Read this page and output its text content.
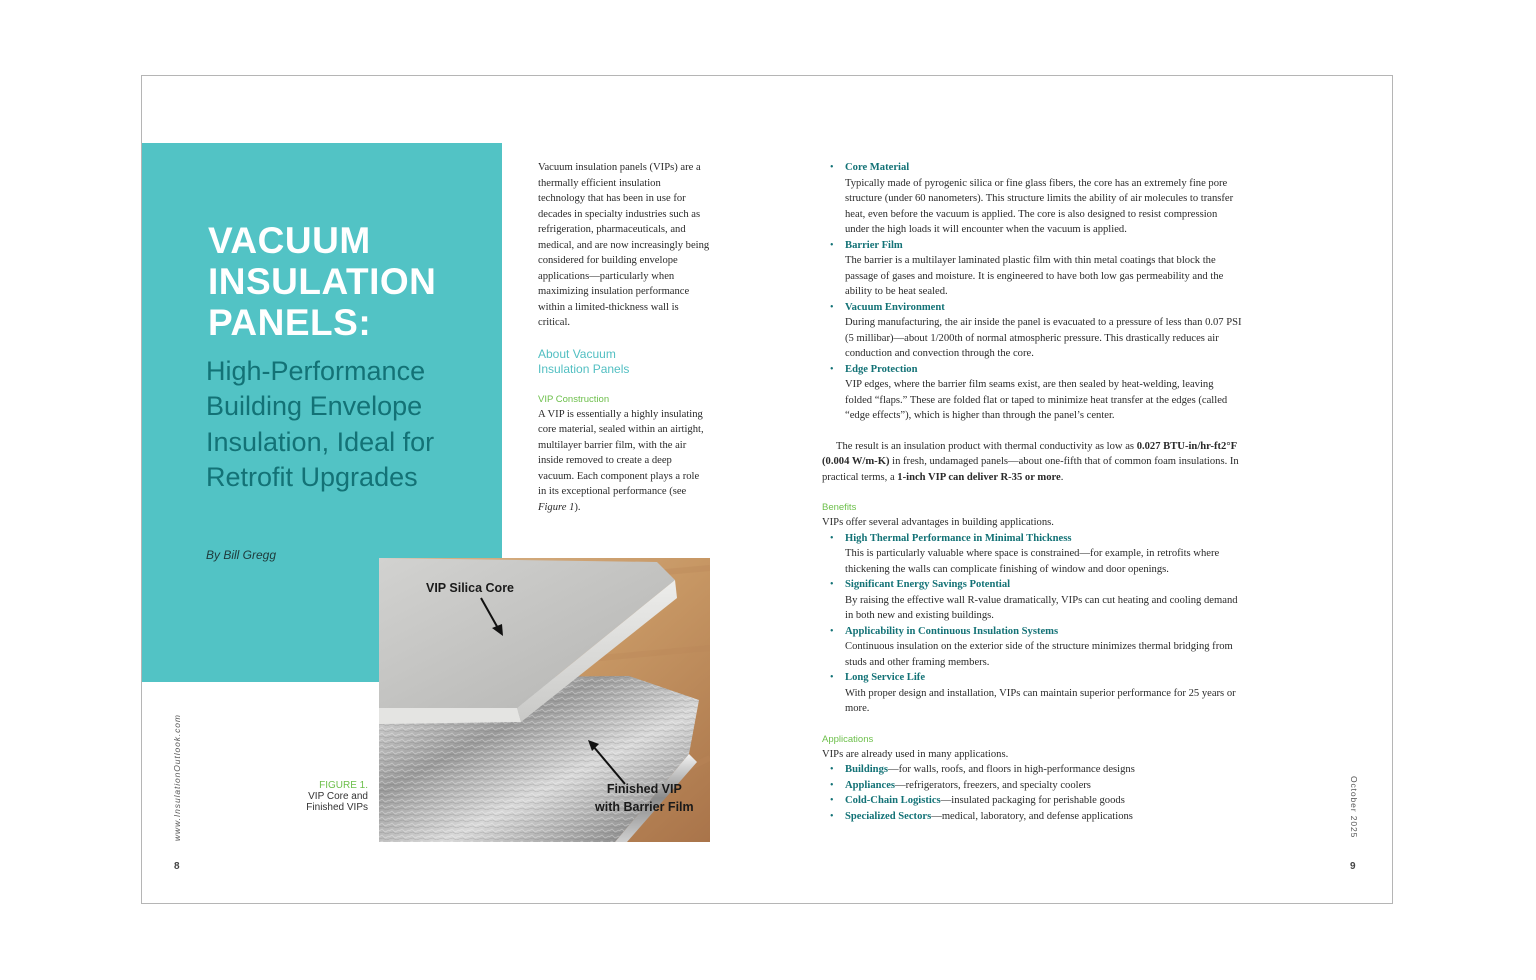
VACUUM
INSULATION
PANELS:
High-Performance Building Envelope Insulation, Ideal for Retrofit Upgrades
By Bill Gregg
VIP Silica Core
Finished VIP
with Barrier Film
FIGURE 1.
VIP Core and
Finished VIPs
www.InsulationOutlook.com	October 2025
8	9

Vacuum insulation panels (VIPs) are a thermally efficient insulation technology that has been in use for decades in specialty industries such as refrigeration, pharmaceuticals, and medical, and are now increasingly being considered for building envelope applications—particularly when maximizing insulation performance within a limited-thickness wall is critical.

About Vacuum
Insulation Panels

VIP Construction

A VIP is essentially a highly insulating core material, sealed within an airtight, multilayer barrier film, with the air inside removed to create a deep vacuum. Each component plays a role in its exceptional performance (see Figure 1).

• Core Material
Typically made of pyrogenic silica or fine glass fibers, the core has an extremely fine pore structure (under 60 nanometers). This structure limits the ability of air molecules to transfer heat, even before the vacuum is applied. The core is also designed to resist compression under the high loads it will encounter when the vacuum is applied.
• Barrier Film
The barrier is a multilayer laminated plastic film with thin metal coatings that block the passage of gases and moisture. It is engineered to have both low gas permeability and the ability to be heat sealed.
• Vacuum Environment
During manufacturing, the air inside the panel is evacuated to a pressure of less than 0.07 PSI (5 millibar)—about 1/200th of normal atmospheric pressure. This drastically reduces air conduction and convection through the core.
• Edge Protection
VIP edges, where the barrier film seams exist, are then sealed by heat-welding, leaving folded “flaps.” These are folded flat or taped to minimize heat transfer at the edges (called “edge effects”), which is higher than through the panel’s center.

The result is an insulation product with thermal conductivity as low as 0.027 BTU-in/hr-ft2°F (0.004 W/m-K) in fresh, undamaged panels—about one-fifth that of common foam insulations. In practical terms, a 1-inch VIP can deliver R-35 or more.

Benefits

VIPs offer several advantages in building applications.

• High Thermal Performance in Minimal Thickness
This is particularly valuable where space is constrained—for example, in retrofits where thickening the walls can complicate finishing of window and door openings.
• Significant Energy Savings Potential
By raising the effective wall R-value dramatically, VIPs can cut heating and cooling demand in both new and existing buildings.
• Applicability in Continuous Insulation Systems
Continuous insulation on the exterior side of the structure minimizes thermal bridging from studs and other framing members.
• Long Service Life
With proper design and installation, VIPs can maintain superior performance for 25 years or more.

Applications

VIPs are already used in many applications.

• Buildings—for walls, roofs, and floors in high-performance designs
• Appliances—refrigerators, freezers, and specialty coolers
• Cold-Chain Logistics—insulated packaging for perishable goods
• Specialized Sectors—medical, laboratory, and defense applications
